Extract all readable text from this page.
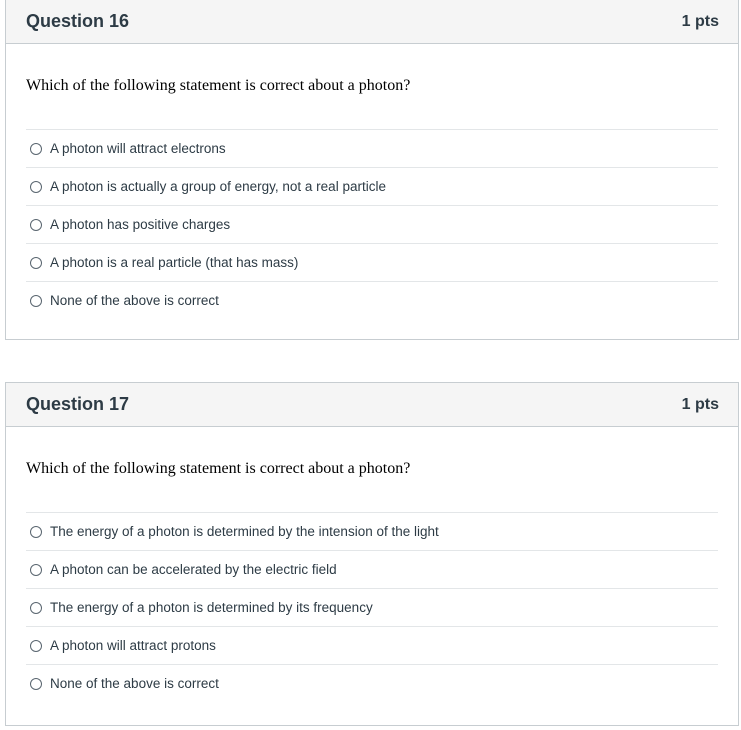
Question 16	1 pts
Which of the following statement is correct about a photon?
A photon will attract electrons
A photon is actually a group of energy, not a real particle
A photon has positive charges
A photon is a real particle (that has mass)
None of the above is correct
Question 17	1 pts
Which of the following statement is correct about a photon?
The energy of a photon is determined by the intension of the light
A photon can be accelerated by the electric field
The energy of a photon is determined by its frequency
A photon will attract protons
None of the above is correct
